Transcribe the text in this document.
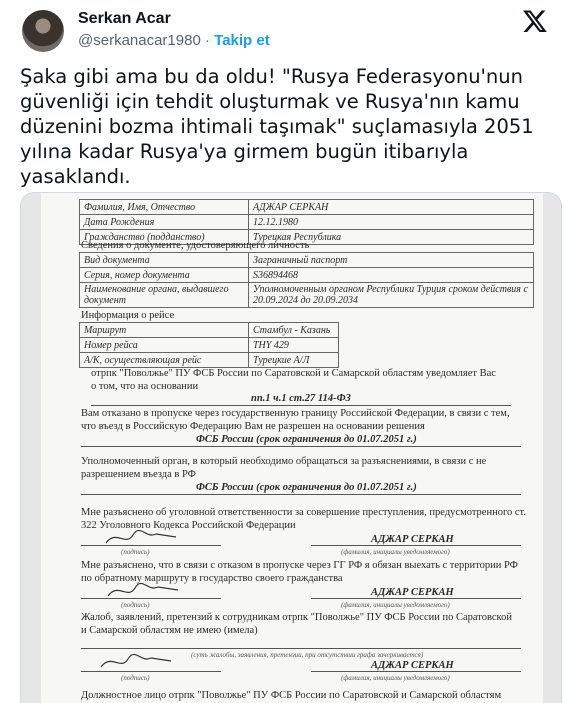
Serkan Acar
@serkanacar1980 · Takip et
Şaka gibi ama bu da oldu! "Rusya Federasyonu'nun güvenliği için tehdit oluşturmak ve Rusya'nın kamu düzenini bozma ihtimali taşımak" suçlamasıyla 2051 yılına kadar Rusya'ya girmem bugün itibarıyla yasaklandı.
Фамилия, Имя, Отчество	АДЖАР СЕРКАН
Дата Рождения	12.12.1980
Гражданство (подданство)	Турецкая Республика
Сведения о документе, удостоверяющего личность
Вид документа	Заграничный паспорт
Серия, номер документа	S36894468
Наименование органа, выдавшего документ	Уполномоченным органом Республики Турция сроком действия с 20.09.2024 до 20.09.2034
Информация о рейсе
Маршрут	Стамбул - Казань
Номер рейса	THY 429
А/К, осуществляющая рейс	Турецкие А/Л
отрпк "Поволжье" ПУ ФСБ России по Саратовской и Самарской областям уведомляет Вас
о том, что на основании
пп.1 ч.1 ст.27 114-ФЗ
Вам отказано в пропуске через государственную границу Российской Федерации, в связи с тем,
что въезд в Российскую Федерацию Вам не разрешен на основании решения
ФСБ России (срок ограничения до 01.07.2051 г.)
Уполномоченный орган, в который необходимо обращаться за разъяснениями, в связи с не
разрешением въезда в РФ
ФСБ России (срок ограничения до 01.07.2051 г.)
Мне разъяснено об уголовной ответственности за совершение преступления, предусмотренного ст.
322 Уголовного Кодекса Российской Федерации
(подпись)
АДЖАР СЕРКАН
(фамилия, инициалы уведомляемого)
Мне разъяснено, что в связи с отказом в пропуске через ГГ РФ я обязан выехать с территории РФ
по обратному маршруту в государство своего гражданства
(подпись)
АДЖАР СЕРКАН
(фамилия, инициалы уведомляемого)
Жалоб, заявлений, претензий к сотрудникам отрпк "Поволжье" ПУ ФСБ России по Саратовской
и Самарской областям не имею (имела)
(суть жалобы, заявления, претензии, при отсутствии графа зачеркивается)
(подпись)
АДЖАР СЕРКАН
(фамилия, инициалы уведомляемого)
Должностное лицо отрпк "Поволжье" ПУ ФСБ России по Саратовской и Самарской областям
